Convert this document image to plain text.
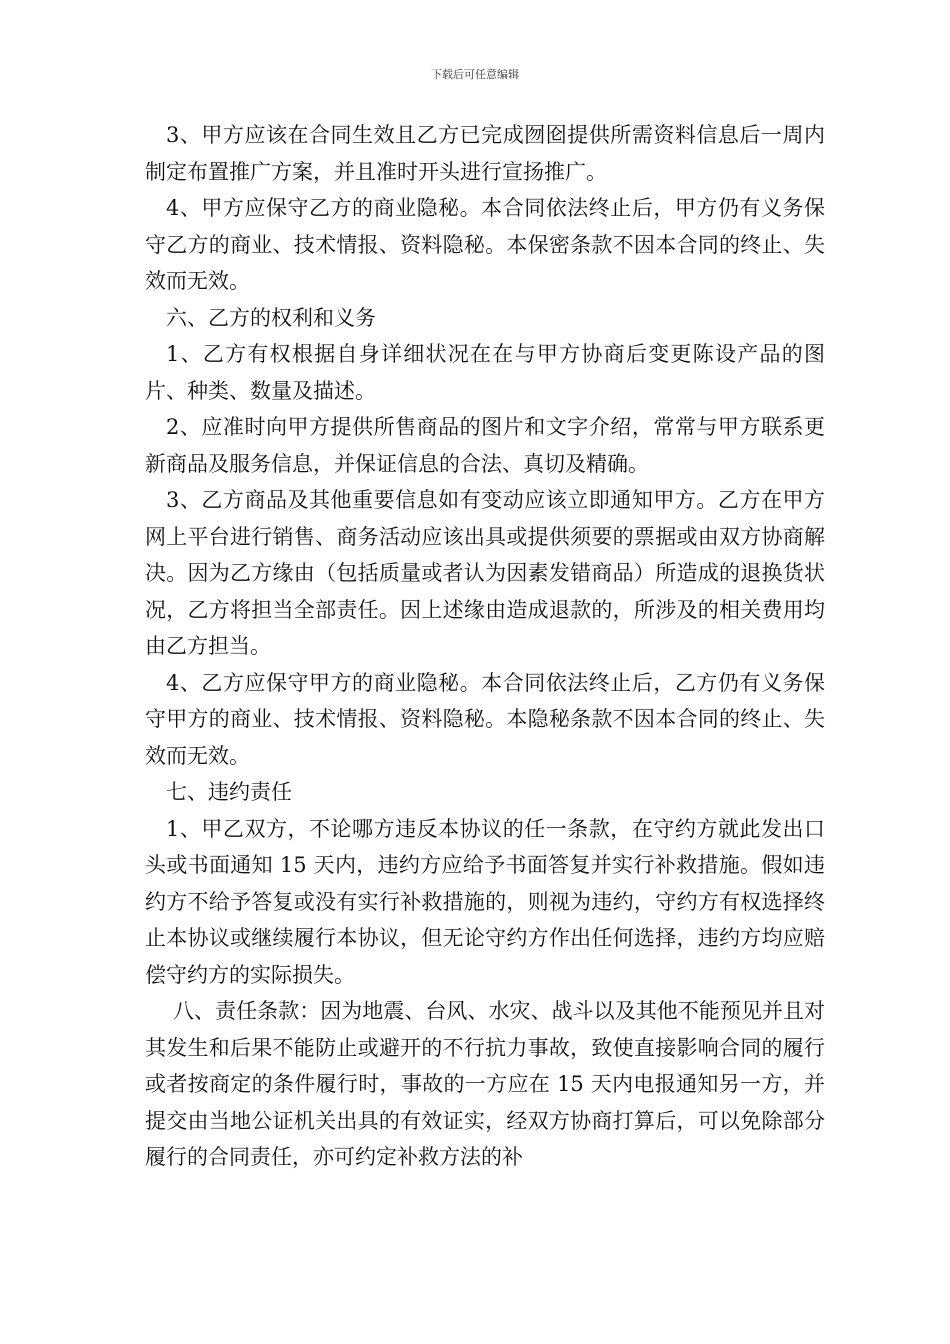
下载后可任意编辑

3、甲方应该在合同生效且乙方已完成囫囵提供所需资料信息后一周内制定布置推广方案，并且准时开头进行宣扬推广。

4、甲方应保守乙方的商业隐秘。本合同依法终止后，甲方仍有义务保守乙方的商业、技术情报、资料隐秘。本保密条款不因本合同的终止、失效而无效。

六、乙方的权利和义务

1、乙方有权根据自身详细状况在在与甲方协商后变更陈设产品的图片、种类、数量及描述。

2、应准时向甲方提供所售商品的图片和文字介绍，常常与甲方联系更新商品及服务信息，并保证信息的合法、真切及精确。

3、乙方商品及其他重要信息如有变动应该立即通知甲方。乙方在甲方网上平台进行销售、商务活动应该出具或提供须要的票据或由双方协商解决。因为乙方缘由（包括质量或者认为因素发错商品）所造成的退换货状况，乙方将担当全部责任。因上述缘由造成退款的，所涉及的相关费用均由乙方担当。

4、乙方应保守甲方的商业隐秘。本合同依法终止后，乙方仍有义务保守甲方的商业、技术情报、资料隐秘。本隐秘条款不因本合同的终止、失效而无效。

七、违约责任

1、甲乙双方，不论哪方违反本协议的任一条款，在守约方就此发出口头或书面通知 15 天内，违约方应给予书面答复并实行补救措施。假如违约方不给予答复或没有实行补救措施的，则视为违约，守约方有权选择终止本协议或继续履行本协议，但无论守约方作出任何选择，违约方均应赔偿守约方的实际损失。

八、责任条款：因为地震、台风、水灾、战斗以及其他不能预见并且对其发生和后果不能防止或避开的不行抗力事故，致使直接影响合同的履行或者按商定的条件履行时，事故的一方应在 15 天内电报通知另一方，并提交由当地公证机关出具的有效证实，经双方协商打算后，可以免除部分履行的合同责任，亦可约定补救方法的补
